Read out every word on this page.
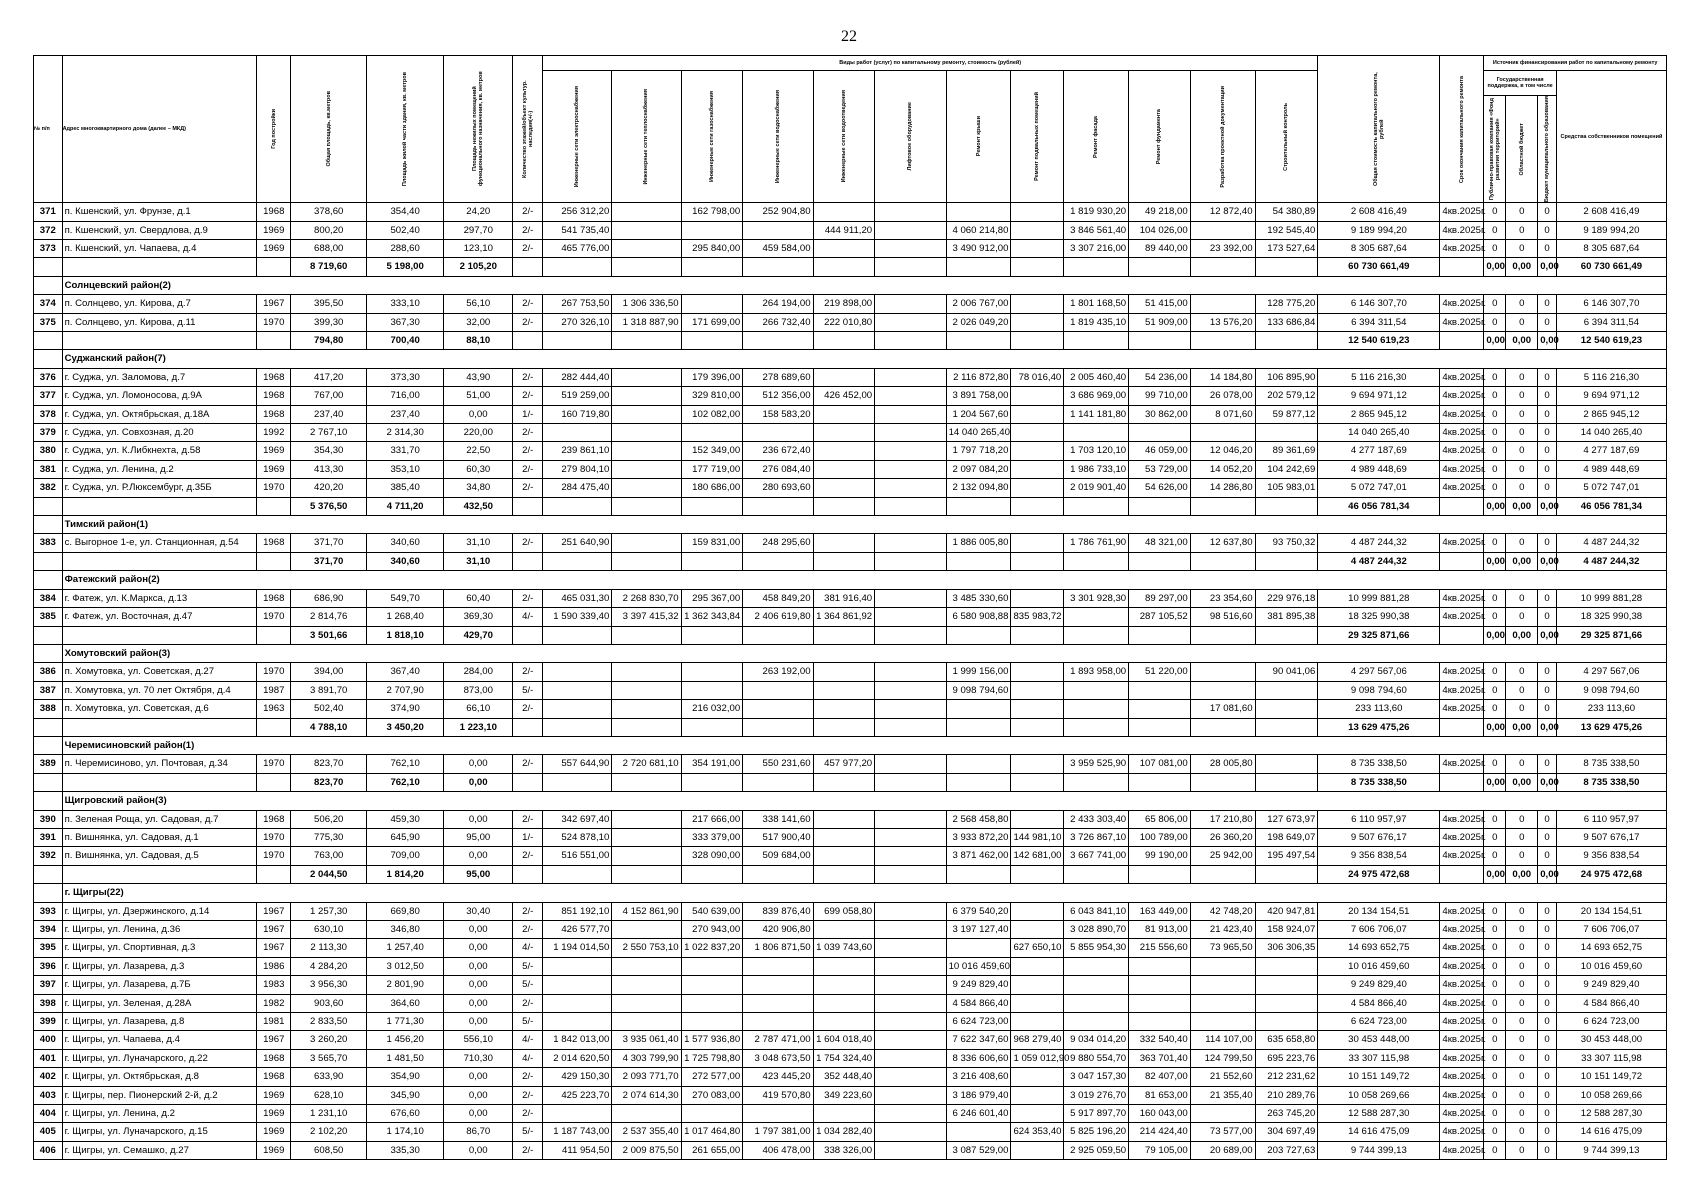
22
№ п/п	Адрес многоквартирного дома (далее – МКД)	Год постройки	Общая площадь, кв.метров	Площадь жилой части здания, кв. метров	Площадь нежилых помещений функционального назначения, кв. метров	Количество этажей/объект культур. наследия(+/-)	Виды работ (услуг) по капитальному ремонту, стоимость (рублей)												Общая стоимость капитального ремонта, рублей	Срок окончания капитального ремонта	Источник финансирования работ по капитальному ремонту			

							Инженерные сети электроснабжения	Инженерные сети теплоснабжения	Инженерные сети газоснабжения	Инженерные сети водоснабжения	Инженерные сети водоотведения	Лифтовое оборудование	Ремонт крыши	Ремонт подвальных помещений	Ремонт фасада	Ремонт фундамента	Разработка проектной документации	Строительный контроль			Государственная поддержка, в том числе			Средства собственников помещений

																					Публично-правовая компания «Фонд развития территорий»	Областной бюджет	Бюджет муниципального образования	

371	п. Кшенский, ул. Фрунзе, д.1	1968	378,60	354,40	24,20	2/-	256 312,20		162 798,00	252 904,80					1 819 930,20	49 218,00	12 872,40	54 380,89	2 608 416,49	4кв.2025г.	0	0	0	2 608 416,49
372	п. Кшенский, ул. Свердлова, д.9	1969	800,20	502,40	297,70	2/-	541 735,40				444 911,20		4 060 214,80		3 846 561,40	104 026,00		192 545,40	9 189 994,20	4кв.2025г.	0	0	0	9 189 994,20
373	п. Кшенский, ул. Чапаева, д.4	1969	688,00	288,60	123,10	2/-	465 776,00		295 840,00	459 584,00			3 490 912,00		3 307 216,00	89 440,00	23 392,00	173 527,64	8 305 687,64	4кв.2025г.	0	0	0	8 305 687,64
			8 719,60	5 198,00	2 105,20														60 730 661,49		0,00	0,00	0,00	60 730 661,49
	Солнцевский район(2)																							
374	п. Солнцево, ул. Кирова, д.7	1967	395,50	333,10	56,10	2/-	267 753,50	1 306 336,50		264 194,00	219 898,00		2 006 767,00		1 801 168,50	51 415,00		128 775,20	6 146 307,70	4кв.2025г.	0	0	0	6 146 307,70
375	п. Солнцево, ул. Кирова, д.11	1970	399,30	367,30	32,00	2/-	270 326,10	1 318 887,90	171 699,00	266 732,40	222 010,80		2 026 049,20		1 819 435,10	51 909,00	13 576,20	133 686,84	6 394 311,54	4кв.2025г.	0	0	0	6 394 311,54
			794,80	700,40	88,10														12 540 619,23		0,00	0,00	0,00	12 540 619,23
	Суджанский район(7)																							
376	г. Суджа, ул. Заломова, д.7	1968	417,20	373,30	43,90	2/-	282 444,40		179 396,00	278 689,60			2 116 872,80	78 016,40	2 005 460,40	54 236,00	14 184,80	106 895,90	5 116 216,30	4кв.2025г.	0	0	0	5 116 216,30
377	г. Суджа, ул. Ломоносова, д.9А	1968	767,00	716,00	51,00	2/-	519 259,00		329 810,00	512 356,00	426 452,00		3 891 758,00		3 686 969,00	99 710,00	26 078,00	202 579,12	9 694 971,12	4кв.2025г.	0	0	0	9 694 971,12
378	г. Суджа, ул. Октябрьская, д.18А	1968	237,40	237,40	0,00	1/-	160 719,80		102 082,00	158 583,20			1 204 567,60		1 141 181,80	30 862,00	8 071,60	59 877,12	2 865 945,12	4кв.2025г.	0	0	0	2 865 945,12
379	г. Суджа, ул. Совхозная, д.20	1992	2 767,10	2 314,30	220,00	2/-							14 040 265,40						14 040 265,40	4кв.2025г.	0	0	0	14 040 265,40
380	г. Суджа, ул. К.Либкнехта, д.58	1969	354,30	331,70	22,50	2/-	239 861,10		152 349,00	236 672,40			1 797 718,20		1 703 120,10	46 059,00	12 046,20	89 361,69	4 277 187,69	4кв.2025г.	0	0	0	4 277 187,69
381	г. Суджа, ул. Ленина, д.2	1969	413,30	353,10	60,30	2/-	279 804,10		177 719,00	276 084,40			2 097 084,20		1 986 733,10	53 729,00	14 052,20	104 242,69	4 989 448,69	4кв.2025г.	0	0	0	4 989 448,69
382	г. Суджа, ул. Р.Люксембург, д.35Б	1970	420,20	385,40	34,80	2/-	284 475,40		180 686,00	280 693,60			2 132 094,80		2 019 901,40	54 626,00	14 286,80	105 983,01	5 072 747,01	4кв.2025г.	0	0	0	5 072 747,01
			5 376,50	4 711,20	432,50														46 056 781,34		0,00	0,00	0,00	46 056 781,34
	Тимский район(1)																							
383	с. Выгорное 1-е, ул. Станционная, д.54	1968	371,70	340,60	31,10	2/-	251 640,90		159 831,00	248 295,60			1 886 005,80		1 786 761,90	48 321,00	12 637,80	93 750,32	4 487 244,32	4кв.2025г.	0	0	0	4 487 244,32
			371,70	340,60	31,10														4 487 244,32		0,00	0,00	0,00	4 487 244,32
	Фатежский район(2)																							
384	г. Фатеж, ул. К.Маркса, д.13	1968	686,90	549,70	60,40	2/-	465 031,30	2 268 830,70	295 367,00	458 849,20	381 916,40		3 485 330,60		3 301 928,30	89 297,00	23 354,60	229 976,18	10 999 881,28	4кв.2025г.	0	0	0	10 999 881,28
385	г. Фатеж, ул. Восточная, д.47	1970	2 814,76	1 268,40	369,30	4/-	1 590 339,40	3 397 415,32	1 362 343,84	2 406 619,80	1 364 861,92		6 580 908,88	835 983,72		287 105,52	98 516,60	381 895,38	18 325 990,38	4кв.2025г.	0	0	0	18 325 990,38
			3 501,66	1 818,10	429,70														29 325 871,66		0,00	0,00	0,00	29 325 871,66
	Хомутовский район(3)																							
386	п. Хомутовка, ул. Советская, д.27	1970	394,00	367,40	284,00	2/-				263 192,00			1 999 156,00		1 893 958,00	51 220,00		90 041,06	4 297 567,06	4кв.2025г.	0	0	0	4 297 567,06
387	п. Хомутовка, ул. 70 лет Октября, д.4	1987	3 891,70	2 707,90	873,00	5/-							9 098 794,60						9 098 794,60	4кв.2025г.	0	0	0	9 098 794,60
388	п. Хомутовка, ул. Советская, д.6	1963	502,40	374,90	66,10	2/-			216 032,00								17 081,60		233 113,60	4кв.2025г.	0	0	0	233 113,60
			4 788,10	3 450,20	1 223,10														13 629 475,26		0,00	0,00	0,00	13 629 475,26
	Черемисиновский район(1)																							
389	п. Черемисиново, ул. Почтовая, д.34	1970	823,70	762,10	0,00	2/-	557 644,90	2 720 681,10	354 191,00	550 231,60	457 977,20				3 959 525,90	107 081,00	28 005,80		8 735 338,50	4кв.2025г.	0	0	0	8 735 338,50
			823,70	762,10	0,00														8 735 338,50		0,00	0,00	0,00	8 735 338,50
	Щигровский район(3)																							
390	п. Зеленая Роща, ул. Садовая, д.7	1968	506,20	459,30	0,00	2/-	342 697,40		217 666,00	338 141,60			2 568 458,80		2 433 303,40	65 806,00	17 210,80	127 673,97	6 110 957,97	4кв.2025г.	0	0	0	6 110 957,97
391	п. Вишнянка, ул. Садовая, д.1	1970	775,30	645,90	95,00	1/-	524 878,10		333 379,00	517 900,40			3 933 872,20	144 981,10	3 726 867,10	100 789,00	26 360,20	198 649,07	9 507 676,17	4кв.2025г.	0	0	0	9 507 676,17
392	п. Вишнянка, ул. Садовая, д.5	1970	763,00	709,00	0,00	2/-	516 551,00		328 090,00	509 684,00			3 871 462,00	142 681,00	3 667 741,00	99 190,00	25 942,00	195 497,54	9 356 838,54	4кв.2025г.	0	0	0	9 356 838,54
			2 044,50	1 814,20	95,00														24 975 472,68		0,00	0,00	0,00	24 975 472,68
	г. Щигры(22)																							
393	г. Щигры, ул. Дзержинского, д.14	1967	1 257,30	669,80	30,40	2/-	851 192,10	4 152 861,90	540 639,00	839 876,40	699 058,80		6 379 540,20		6 043 841,10	163 449,00	42 748,20	420 947,81	20 134 154,51	4кв.2025г.	0	0	0	20 134 154,51
394	г. Щигры, ул. Ленина, д.36	1967	630,10	346,80	0,00	2/-	426 577,70		270 943,00	420 906,80			3 197 127,40		3 028 890,70	81 913,00	21 423,40	158 924,07	7 606 706,07	4кв.2025г.	0	0	0	7 606 706,07
395	г. Щигры, ул. Спортивная, д.3	1967	2 113,30	1 257,40	0,00	4/-	1 194 014,50	2 550 753,10	1 022 837,20	1 806 871,50	1 039 743,60			627 650,10	5 855 954,30	215 556,60	73 965,50	306 306,35	14 693 652,75	4кв.2025г.	0	0	0	14 693 652,75
396	г. Щигры, ул. Лазарева, д.3	1986	4 284,20	3 012,50	0,00	5/-							10 016 459,60						10 016 459,60	4кв.2025г.	0	0	0	10 016 459,60
397	г. Щигры, ул. Лазарева, д.7Б	1983	3 956,30	2 801,90	0,00	5/-							9 249 829,40						9 249 829,40	4кв.2025г.	0	0	0	9 249 829,40
398	г. Щигры, ул. Зеленая, д.28А	1982	903,60	364,60	0,00	2/-							4 584 866,40						4 584 866,40	4кв.2025г.	0	0	0	4 584 866,40
399	г. Щигры, ул. Лазарева, д.8	1981	2 833,50	1 771,30	0,00	5/-							6 624 723,00						6 624 723,00	4кв.2025г.	0	0	0	6 624 723,00
400	г. Щигры, ул. Чапаева, д.4	1967	3 260,20	1 456,20	556,10	4/-	1 842 013,00	3 935 061,40	1 577 936,80	2 787 471,00	1 604 018,40		7 622 347,60	968 279,40	9 034 014,20	332 540,40	114 107,00	635 658,80	30 453 448,00	4кв.2025г.	0	0	0	30 453 448,00
401	г. Щигры, ул. Луначарского, д.22	1968	3 565,70	1 481,50	710,30	4/-	2 014 620,50	4 303 799,90	1 725 798,80	3 048 673,50	1 754 324,40		8 336 606,60	1 059 012,90	9 880 554,70	363 701,40	124 799,50	695 223,76	33 307 115,98	4кв.2025г.	0	0	0	33 307 115,98
402	г. Щигры, ул. Октябрьская, д.8	1968	633,90	354,90	0,00	2/-	429 150,30	2 093 771,70	272 577,00	423 445,20	352 448,40		3 216 408,60		3 047 157,30	82 407,00	21 552,60	212 231,62	10 151 149,72	4кв.2025г.	0	0	0	10 151 149,72
403	г. Щигры, пер. Пионерский 2-й, д.2	1969	628,10	345,90	0,00	2/-	425 223,70	2 074 614,30	270 083,00	419 570,80	349 223,60		3 186 979,40		3 019 276,70	81 653,00	21 355,40	210 289,76	10 058 269,66	4кв.2025г.	0	0	0	10 058 269,66
404	г. Щигры, ул. Ленина, д.2	1969	1 231,10	676,60	0,00	2/-							6 246 601,40		5 917 897,70	160 043,00		263 745,20	12 588 287,30	4кв.2025г.	0	0	0	12 588 287,30
405	г. Щигры, ул. Луначарского, д.15	1969	2 102,20	1 174,10	86,70	5/-	1 187 743,00	2 537 355,40	1 017 464,80	1 797 381,00	1 034 282,40			624 353,40	5 825 196,20	214 424,40	73 577,00	304 697,49	14 616 475,09	4кв.2025г.	0	0	0	14 616 475,09
406	г. Щигры, ул. Семашко, д.27	1969	608,50	335,30	0,00	2/-	411 954,50	2 009 875,50	261 655,00	406 478,00	338 326,00		3 087 529,00		2 925 059,50	79 105,00	20 689,00	203 727,63	9 744 399,13	4кв.2025г.	0	0	0	9 744 399,13
